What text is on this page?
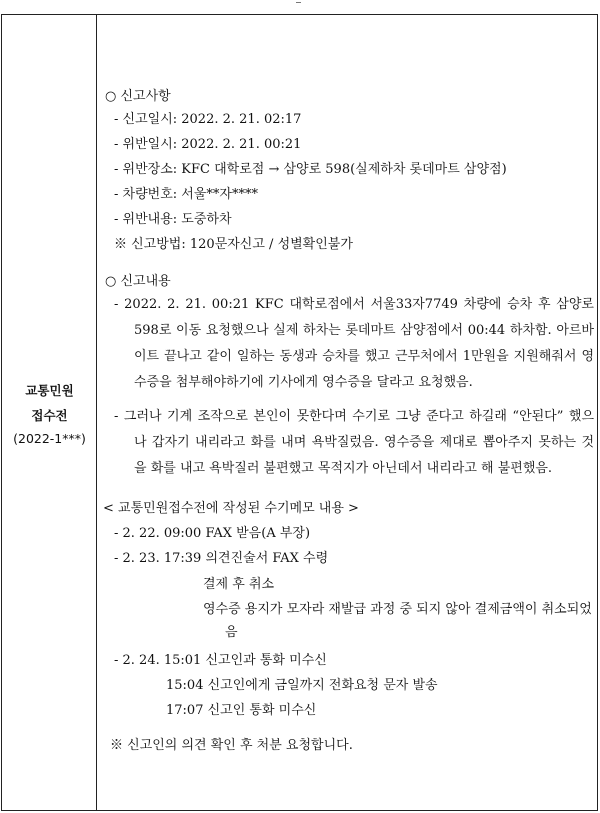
교통민원
접수전
(2022-1***)
○ 신고사항
- 신고일시: 2022. 2. 21. 02:17
- 위반일시: 2022. 2. 21. 00:21
- 위반장소: KFC 대학로점 → 삼양로 598(실제하차 롯데마트 삼양점)
- 차량번호: 서울**자****
- 위반내용: 도중하차
※ 신고방법: 120문자신고 / 성별확인불가
○ 신고내용
- 2022. 2. 21. 00:21 KFC 대학로점에서 서울33자7749 차량에 승차 후 삼양로
598로 이동 요청했으나 실제 하차는 롯데마트 삼양점에서 00:44 하차함. 아르바
이트 끝나고 같이 일하는 동생과 승차를 했고 근무처에서 1만원을 지원해줘서 영
수증을 첨부해야하기에 기사에게 영수증을 달라고 요청했음.
- 그러나 기계 조작으로 본인이 못한다며 수기로 그냥 준다고 하길래 “안된다” 했으
나 갑자기 내리라고 화를 내며 욕박질렀음. 영수증을 제대로 뽑아주지 못하는 것
을 화를 내고 욕박질러 불편했고 목적지가 아닌데서 내리라고 해 불편했음.
< 교통민원접수전에 작성된 수기메모 내용 >
- 2. 22. 09:00 FAX 받음(A 부장)
- 2. 23. 17:39 의견진술서 FAX 수령
결제 후 취소
영수증 용지가 모자라 재발급 과정 중 되지 않아 결제금액이 취소되었
음
- 2. 24. 15:01 신고인과 통화 미수신
15:04 신고인에게 금일까지 전화요청 문자 발송
17:07 신고인 통화 미수신
※ 신고인의 의견 확인 후 처분 요청합니다.
